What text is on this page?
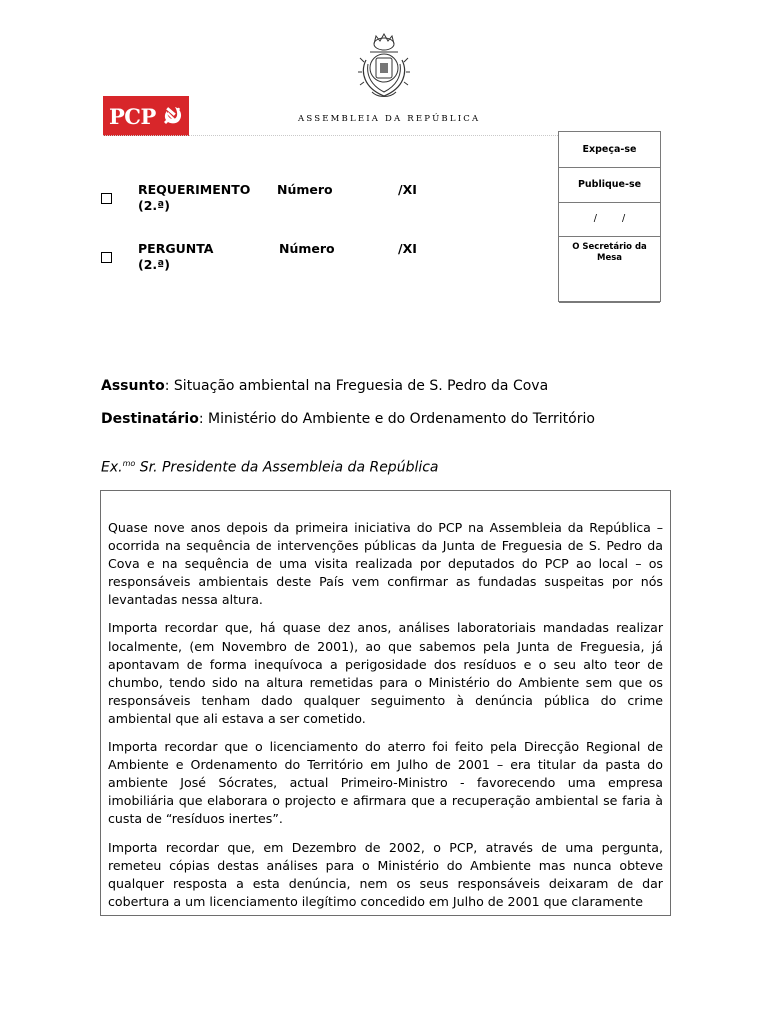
PCP	ASSEMBLEIA DA REPÚBLICA
Expeça-se
Publique-se
/ /
O Secretário da Mesa
REQUERIMENTO
(2.ª)
Número	/XI
PERGUNTA
(2.ª)
Número	/XI
Assunto: Situação ambiental na Freguesia de S. Pedro da Cova
Destinatário: Ministério do Ambiente e do Ordenamento do Território
Ex.$^{mo}$ Sr. Presidente da Assembleia da República

Quase nove anos depois da primeira iniciativa do PCP na Assembleia da República – ocorrida na sequência de intervenções públicas da Junta de Freguesia de S. Pedro da Cova e na sequência de uma visita realizada por deputados do PCP ao local – os responsáveis ambientais deste País vem confirmar as fundadas suspeitas por nós levantadas nessa altura.

Importa recordar que, há quase dez anos, análises laboratoriais mandadas realizar localmente, (em Novembro de 2001), ao que sabemos pela Junta de Freguesia, já apontavam de forma inequívoca a perigosidade dos resíduos e o seu alto teor de chumbo, tendo sido na altura remetidas para o Ministério do Ambiente sem que os responsáveis tenham dado qualquer seguimento à denúncia pública do crime ambiental que ali estava a ser cometido.

Importa recordar que o licenciamento do aterro foi feito pela Direcção Regional de Ambiente e Ordenamento do Território em Julho de 2001 – era titular da pasta do ambiente José Sócrates, actual Primeiro-Ministro - favorecendo uma empresa imobiliária que elaborara o projecto e afirmara que a recuperação ambiental se faria à custa de “resíduos inertes”.

Importa recordar que, em Dezembro de 2002, o PCP, através de uma pergunta, remeteu cópias destas análises para o Ministério do Ambiente mas nunca obteve qualquer resposta a esta denúncia, nem os seus responsáveis deixaram de dar cobertura a um licenciamento ilegítimo concedido em Julho de 2001 que claramente
